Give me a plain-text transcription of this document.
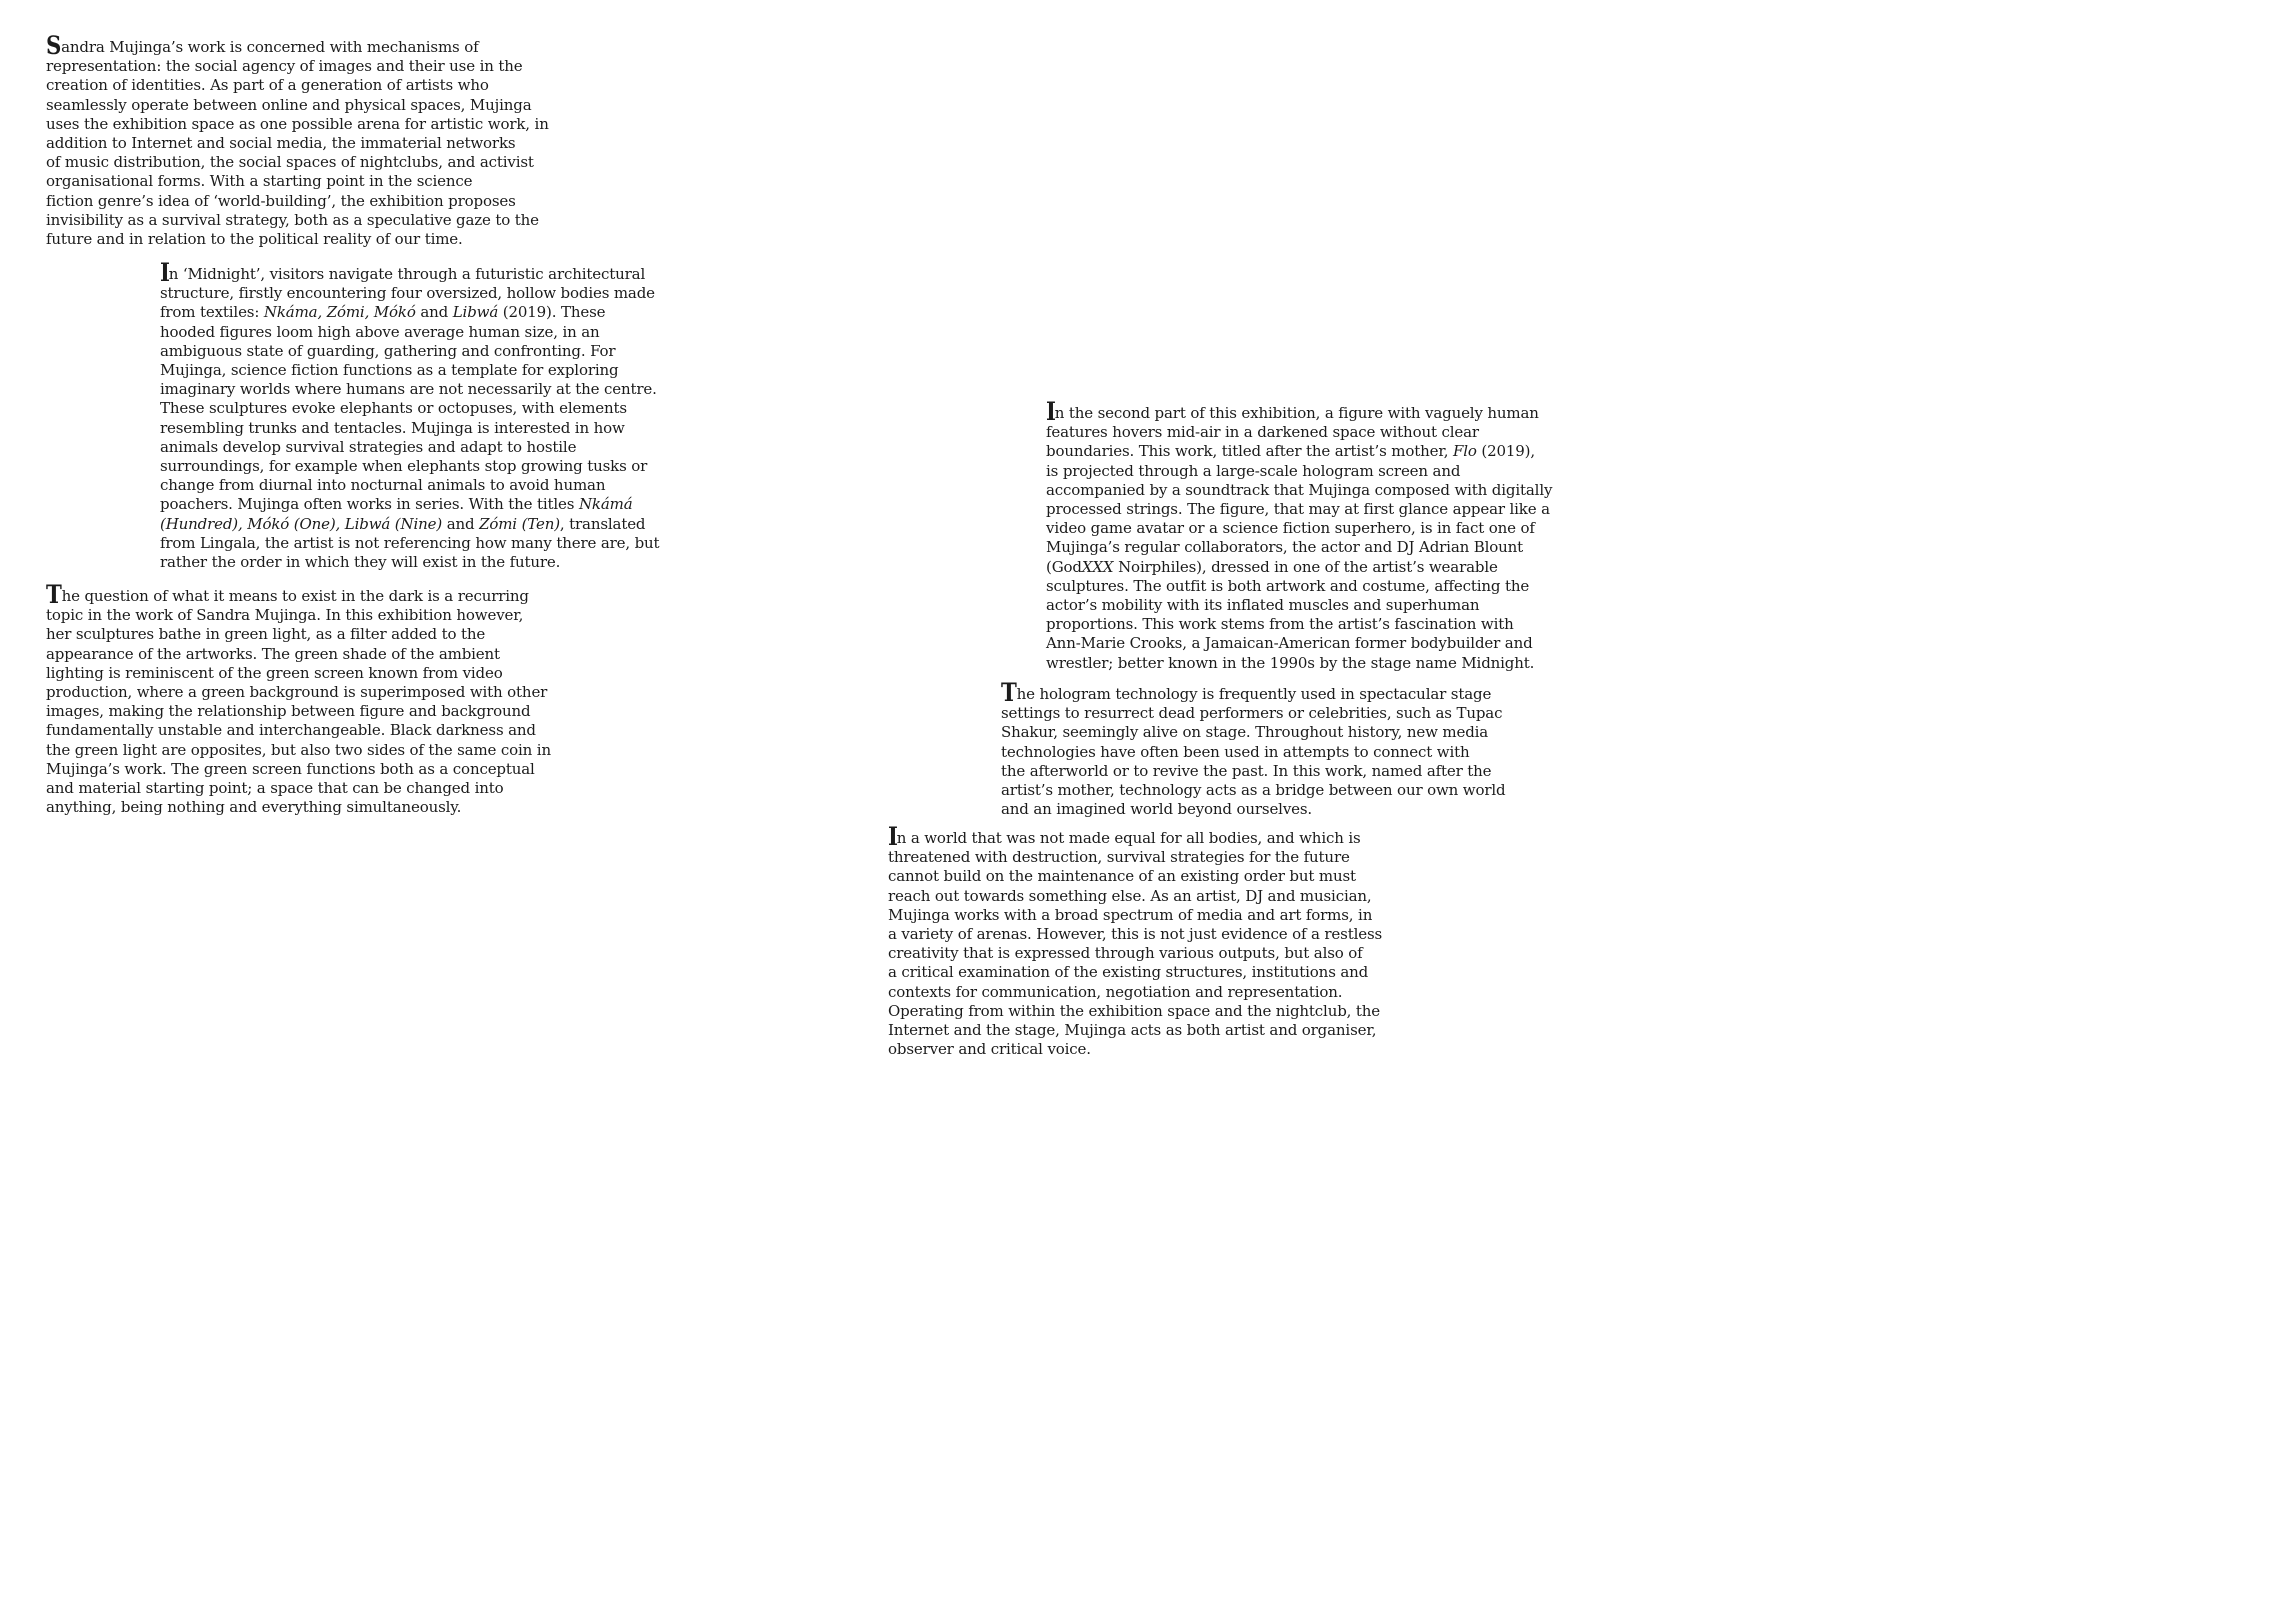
Sandra Mujinga’s work is concerned with mechanisms of
representation: the social agency of images and their use in the
creation of identities. As part of a generation of artists who
seamlessly operate between online and physical spaces, Mujinga
uses the exhibition space as one possible arena for artistic work, in
addition to Internet and social media, the immaterial networks
of music distribution, the social spaces of nightclubs, and activist
organisational forms. With a starting point in the science
fiction genre’s idea of ‘world-building’, the exhibition proposes
invisibility as a survival strategy, both as a speculative gaze to the
future and in relation to the political reality of our time.
In ‘Midnight’, visitors navigate through a futuristic architectural
structure, firstly encountering four oversized, hollow bodies made
from textiles: Nkáma, Zómi, Mókó and Libwá (2019). These
hooded figures loom high above average human size, in an
ambiguous state of guarding, gathering and confronting. For
Mujinga, science fiction functions as a template for exploring
imaginary worlds where humans are not necessarily at the centre.
These sculptures evoke elephants or octopuses, with elements
resembling trunks and tentacles. Mujinga is interested in how
animals develop survival strategies and adapt to hostile
surroundings, for example when elephants stop growing tusks or
change from diurnal into nocturnal animals to avoid human
poachers. Mujinga often works in series. With the titles Nkámá
(Hundred), Mókó (One), Libwá (Nine) and Zómi (Ten), translated
from Lingala, the artist is not referencing how many there are, but
rather the order in which they will exist in the future.
The question of what it means to exist in the dark is a recurring
topic in the work of Sandra Mujinga. In this exhibition however,
her sculptures bathe in green light, as a filter added to the
appearance of the artworks. The green shade of the ambient
lighting is reminiscent of the green screen known from video
production, where a green background is superimposed with other
images, making the relationship between figure and background
fundamentally unstable and interchangeable. Black darkness and
the green light are opposites, but also two sides of the same coin in
Mujinga’s work. The green screen functions both as a conceptual
and material starting point; a space that can be changed into
anything, being nothing and everything simultaneously.
In the second part of this exhibition, a figure with vaguely human
features hovers mid-air in a darkened space without clear
boundaries. This work, titled after the artist’s mother, Flo (2019),
is projected through a large-scale hologram screen and
accompanied by a soundtrack that Mujinga composed with digitally
processed strings. The figure, that may at first glance appear like a
video game avatar or a science fiction superhero, is in fact one of
Mujinga’s regular collaborators, the actor and DJ Adrian Blount
(GodXXX Noirphiles), dressed in one of the artist’s wearable
sculptures. The outfit is both artwork and costume, affecting the
actor’s mobility with its inflated muscles and superhuman
proportions. This work stems from the artist’s fascination with
Ann-Marie Crooks, a Jamaican-American former bodybuilder and
wrestler; better known in the 1990s by the stage name Midnight.
The hologram technology is frequently used in spectacular stage
settings to resurrect dead performers or celebrities, such as Tupac
Shakur, seemingly alive on stage. Throughout history, new media
technologies have often been used in attempts to connect with
the afterworld or to revive the past. In this work, named after the
artist’s mother, technology acts as a bridge between our own world
and an imagined world beyond ourselves.
In a world that was not made equal for all bodies, and which is
threatened with destruction, survival strategies for the future
cannot build on the maintenance of an existing order but must
reach out towards something else. As an artist, DJ and musician,
Mujinga works with a broad spectrum of media and art forms, in
a variety of arenas. However, this is not just evidence of a restless
creativity that is expressed through various outputs, but also of
a critical examination of the existing structures, institutions and
contexts for communication, negotiation and representation.
Operating from within the exhibition space and the nightclub, the
Internet and the stage, Mujinga acts as both artist and organiser,
observer and critical voice.
